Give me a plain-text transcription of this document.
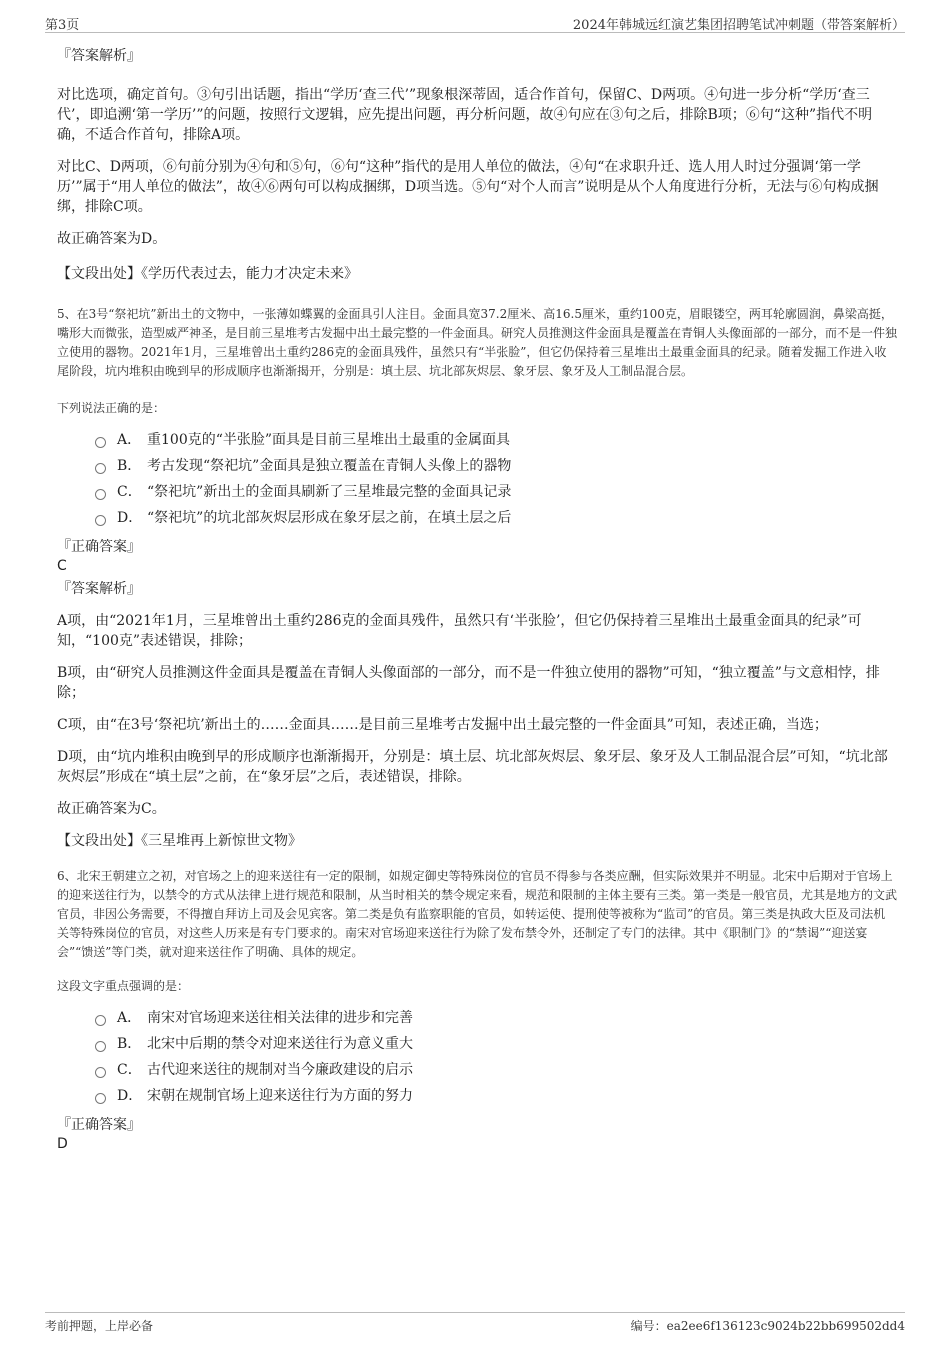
第3页	2024年韩城远红演艺集团招聘笔试冲刺题（带答案解析）

『答案解析』

对比选项，确定首句。③句引出话题，指出“学历‘查三代’”现象根深蒂固，适合作首句，保留C、D两项。④句进一步分析“学历‘查三代’，即追溯‘第一学历’”的问题，按照行文逻辑，应先提出问题，再分析问题，故④句应在③句之后，排除B项；⑥句“这种”指代不明确，不适合作首句，排除A项。

对比C、D两项，⑥句前分别为④句和⑤句，⑥句“这种”指代的是用人单位的做法，④句“在求职升迁、选人用人时过分强调‘第一学历’”属于“用人单位的做法”，故④⑥两句可以构成捆绑，D项当选。⑤句“对个人而言”说明是从个人角度进行分析，无法与⑥句构成捆绑，排除C项。

故正确答案为D。

【文段出处】《学历代表过去，能力才决定未来》

5、在3号“祭祀坑”新出土的文物中，一张薄如蝶翼的金面具引人注目。金面具宽37.2厘米、高16.5厘米，重约100克，眉眼镂空，两耳轮廓圆润，鼻梁高挺，嘴形大而微张，造型威严神圣，是目前三星堆考古发掘中出土最完整的一件金面具。研究人员推测这件金面具是覆盖在青铜人头像面部的一部分，而不是一件独立使用的器物。2021年1月，三星堆曾出土重约286克的金面具残件，虽然只有“半张脸”，但它仍保持着三星堆出土最重金面具的纪录。随着发掘工作进入收尾阶段，坑内堆积由晚到早的形成顺序也渐渐揭开，分别是：填土层、坑北部灰烬层、象牙层、象牙及人工制品混合层。

下列说法正确的是：

A． 重100克的“半张脸”面具是目前三星堆出土最重的金属面具
B． 考古发现“祭祀坑”金面具是独立覆盖在青铜人头像上的器物
C． “祭祀坑”新出土的金面具刷新了三星堆最完整的金面具记录
D． “祭祀坑”的坑北部灰烬层形成在象牙层之前，在填土层之后

『正确答案』

C

『答案解析』

A项，由“2021年1月，三星堆曾出土重约286克的金面具残件，虽然只有‘半张脸’，但它仍保持着三星堆出土最重金面具的纪录”可知，“100克”表述错误，排除；

B项，由“研究人员推测这件金面具是覆盖在青铜人头像面部的一部分，而不是一件独立使用的器物”可知，“独立覆盖”与文意相悖，排除；

C项，由“在3号‘祭祀坑’新出土的……金面具……是目前三星堆考古发掘中出土最完整的一件金面具”可知，表述正确，当选；

D项，由“坑内堆积由晚到早的形成顺序也渐渐揭开，分别是：填土层、坑北部灰烬层、象牙层、象牙及人工制品混合层”可知，“坑北部灰烬层”形成在“填土层”之前，在“象牙层”之后，表述错误，排除。

故正确答案为C。

【文段出处】《三星堆再上新惊世文物》

6、北宋王朝建立之初，对官场之上的迎来送往有一定的限制，如规定御史等特殊岗位的官员不得参与各类应酬，但实际效果并不明显。北宋中后期对于官场上的迎来送往行为，以禁令的方式从法律上进行规范和限制，从当时相关的禁令规定来看，规范和限制的主体主要有三类。第一类是一般官员，尤其是地方的文武官员，非因公务需要，不得擅自拜访上司及会见宾客。第二类是负有监察职能的官员，如转运使、提刑使等被称为“监司”的官员。第三类是执政大臣及司法机关等特殊岗位的官员，对这些人历来是有专门要求的。南宋对官场迎来送往行为除了发布禁令外，还制定了专门的法律。其中《职制门》的“禁谒”“迎送宴会”“馈送”等门类，就对迎来送往作了明确、具体的规定。

这段文字重点强调的是：

A． 南宋对官场迎来送往相关法律的进步和完善
B． 北宋中后期的禁令对迎来送往行为意义重大
C． 古代迎来送往的规制对当今廉政建设的启示
D． 宋朝在规制官场上迎来送往行为方面的努力

『正确答案』

D

考前押题，上岸必备	编号：ea2ee6f136123c9024b22bb699502dd4
